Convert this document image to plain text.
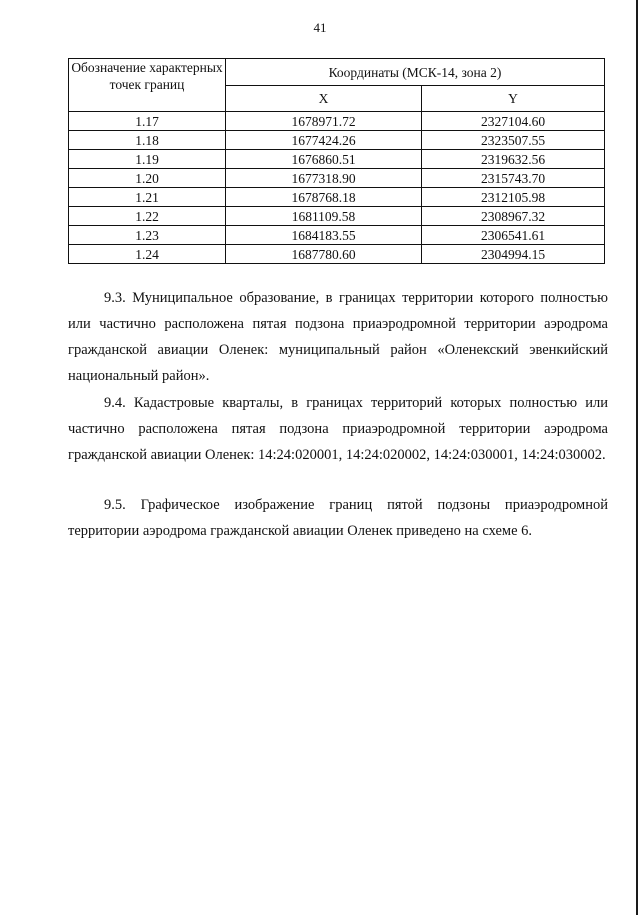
41
Обозначение характерных точек границ	Координаты (МСК-14, зона 2)	
	X	Y
1.17	1678971.72	2327104.60
1.18	1677424.26	2323507.55
1.19	1676860.51	2319632.56
1.20	1677318.90	2315743.70
1.21	1678768.18	2312105.98
1.22	1681109.58	2308967.32
1.23	1684183.55	2306541.61
1.24	1687780.60	2304994.15

9.3. Муниципальное образование, в границах территории которого полностью или частично расположена пятая подзона приаэродромной территории аэродрома гражданской авиации Оленек: муниципальный район «Оленекский эвенкийский национальный район».

9.4. Кадастровые кварталы, в границах территорий которых полностью или частично расположена пятая подзона приаэродромной территории аэродрома гражданской авиации Оленек: 14:24:020001, 14:24:020002, 14:24:030001, 14:24:030002.

9.5. Графическое изображение границ пятой подзоны приаэродромной территории аэродрома гражданской авиации Оленек приведено на схеме 6.
